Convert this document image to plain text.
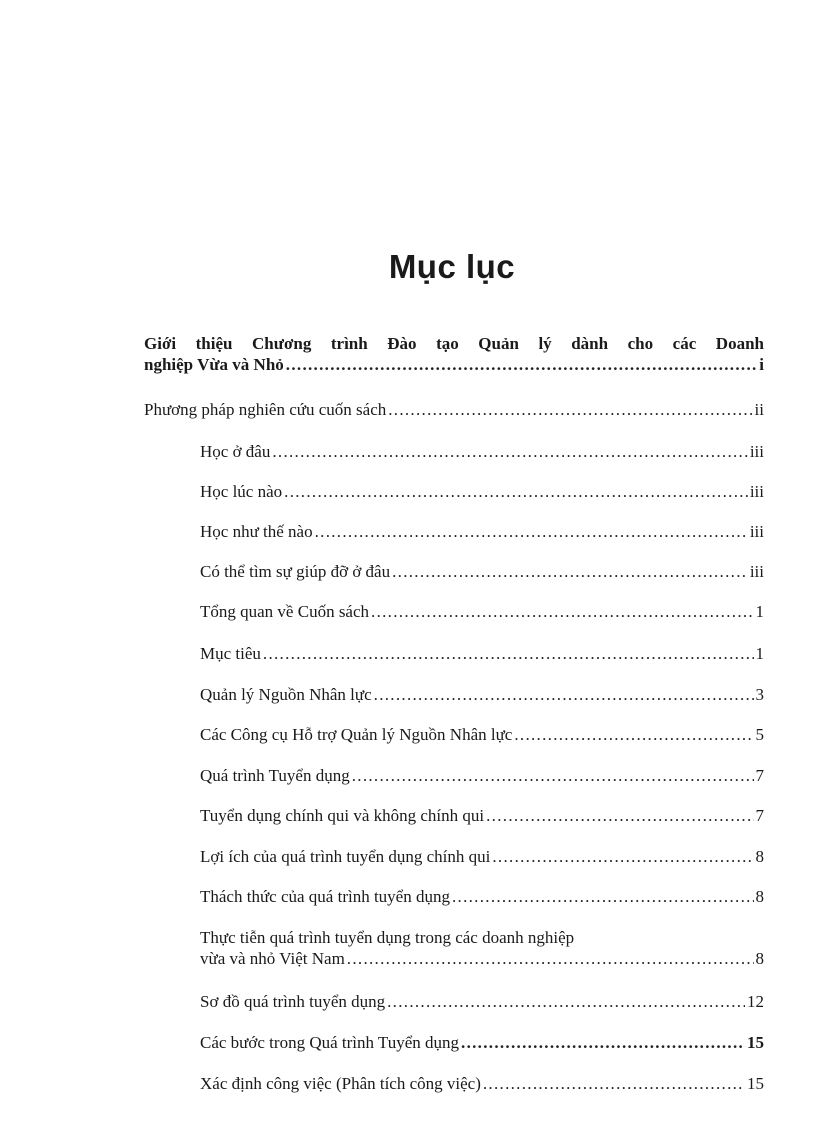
Mục lục
Giới thiệu Chương trình Đào tạo Quản lý dành cho các Doanh
nghiệp Vừa và Nhỏ .....	i
Phương pháp nghiên cứu cuốn sách .....	ii
Học ở đâu .....	iii
Học lúc nào .....	iii
Học như thế nào .....	iii
Có thể tìm sự giúp đỡ ở đâu .....	iii
Tổng quan về Cuốn sách .....	1
Mục tiêu .....	1
Quản lý Nguồn Nhân lực .....	3
Các Công cụ Hỗ trợ Quản lý Nguồn Nhân lực .....	5
Quá trình Tuyển dụng .....	7
Tuyển dụng chính qui và không chính qui .....	7
Lợi ích của quá trình tuyển dụng chính qui .....	8
Thách thức của quá trình tuyển dụng .....	8
Thực tiễn quá trình tuyển dụng trong các doanh nghiệp
vừa và nhỏ Việt Nam .....	8
Sơ đồ quá trình tuyển dụng .....	12
Các bước trong Quá trình Tuyển dụng .....	15
Xác định công việc (Phân tích công việc) .....	15
